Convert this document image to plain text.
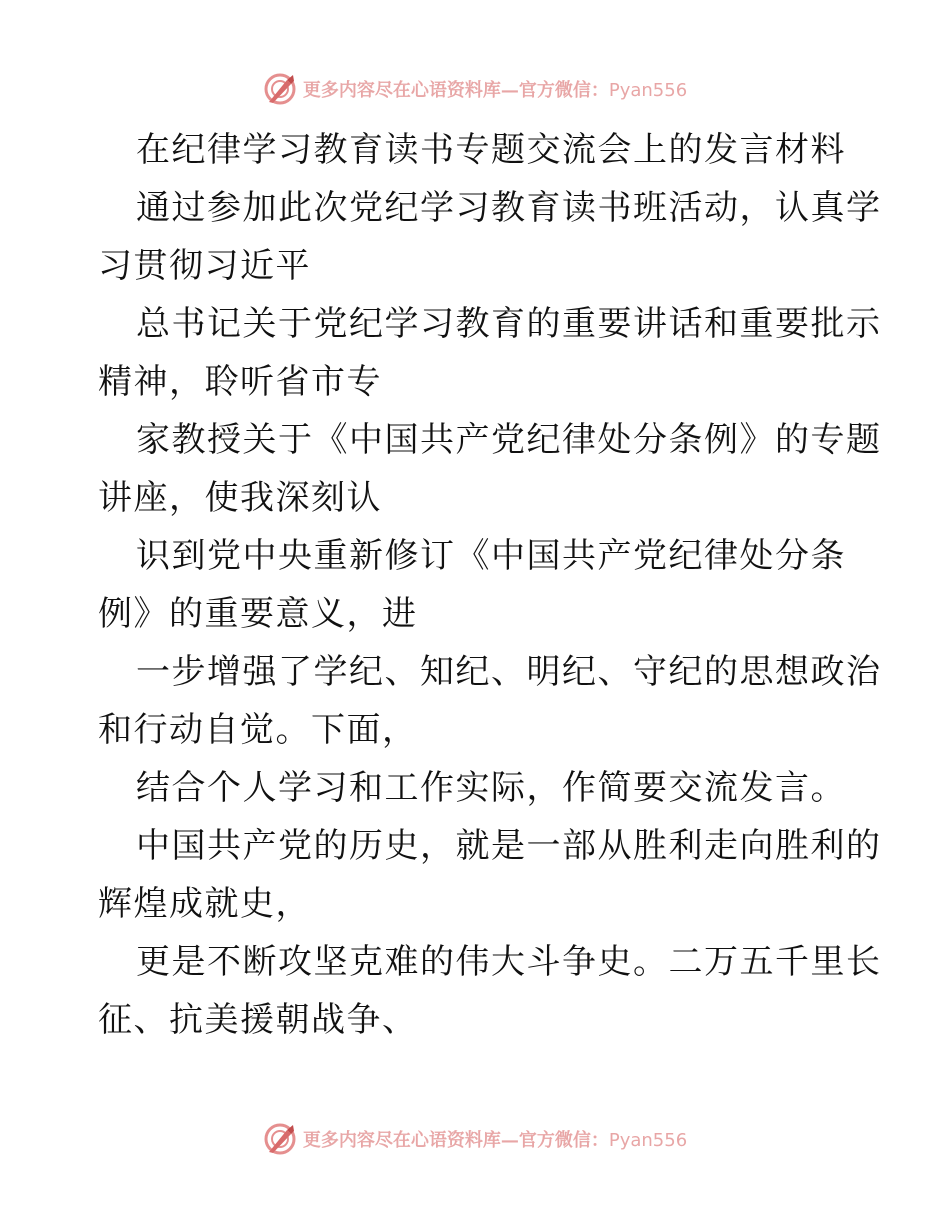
更多内容尽在心语资料库—官方微信：Pyan556
在纪律学习教育读书专题交流会上的发言材料
通过参加此次党纪学习教育读书班活动，认真学
习贯彻习近平
总书记关于党纪学习教育的重要讲话和重要批示
精神，聆听省市专
家教授关于《中国共产党纪律处分条例》的专题
讲座，使我深刻认
识到党中央重新修订《中国共产党纪律处分条
例》的重要意义，进
一步增强了学纪、知纪、明纪、守纪的思想政治
和行动自觉。下面，
结合个人学习和工作实际，作简要交流发言。
中国共产党的历史，就是一部从胜利走向胜利的
辉煌成就史，
更是不断攻坚克难的伟大斗争史。二万五千里长
征、抗美援朝战争、
更多内容尽在心语资料库—官方微信：Pyan556
